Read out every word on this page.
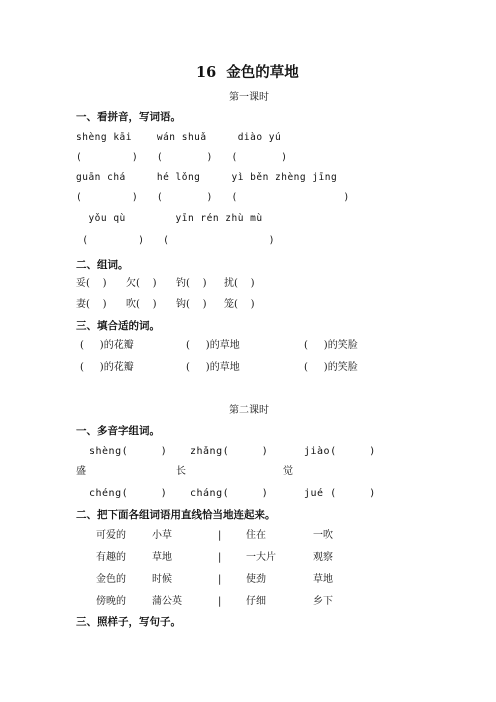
16  金色的草地
第一课时
一、看拼音，写词语。
shèng kāi    wán shuǎ     diào yú
(        )   (       )   (       )
guān chá     hé lǒng     yì běn zhèng jīng
(        )   (       )   (                 )
yǒu qù        yīn rén zhù mù
(        )   (                )
二、组词。
妥(    ) 欠(    ) 钓(    ) 扰(    )
妻(    ) 吹(    ) 钩(    ) 笼(    )
三、填合适的词。
(     )的花瓣	(     )的草地	(     )的笑脸
(     )的花瓣	(     )的草地	(     )的笑脸
第二课时
一、多音字组词。
shèng(     ) zhǎng(     )	jiào(     )
盛	长	觉
chéng(     ) cháng(     )	jué (     )
二、把下面各组词语用直线恰当地连起来。
可爱的	小草	| 住在	一吹
有趣的	草地	| 一大片	观察
金色的	时候	| 使劲	草地
傍晚的	蒲公英	| 仔细	乡下
三、照样子，写句子。
